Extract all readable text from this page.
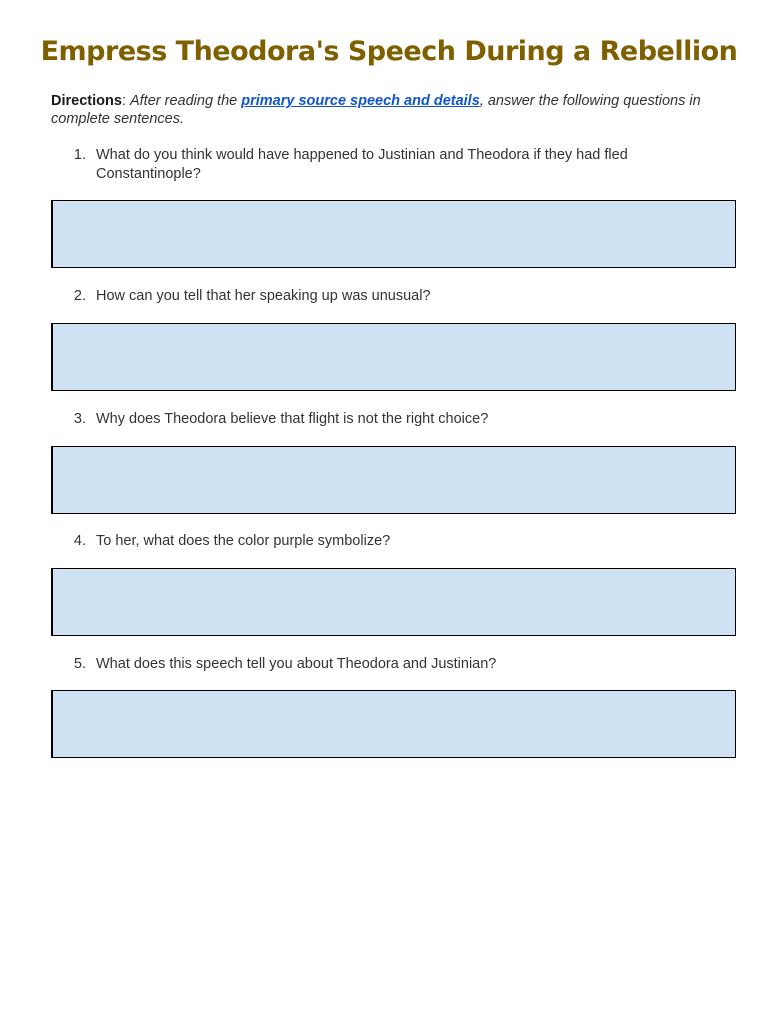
Empress Theodora's Speech During a Rebellion
Directions: After reading the primary source speech and details, answer the following questions in complete sentences.
1. What do you think would have happened to Justinian and Theodora if they had fled Constantinople?
2. How can you tell that her speaking up was unusual?
3. Why does Theodora believe that flight is not the right choice?
4. To her, what does the color purple symbolize?
5. What does this speech tell you about Theodora and Justinian?
